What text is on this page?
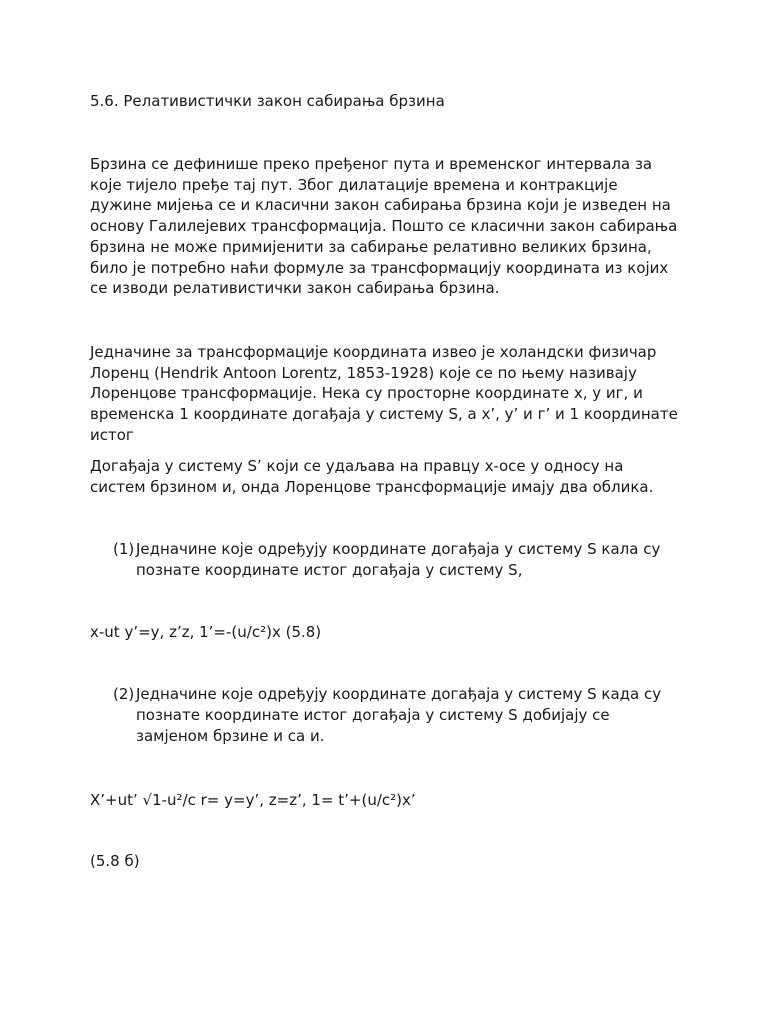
5.6. Релативистички закон сабирања брзина

Брзина се дефинише преко пређеног пута и временског интервала за које тијело пређе тај пут. Због дилатације времена и контракције дужине мијења се и класични закон сабирања брзина који је изведен на основу Галилејевих трансформација. Пошто се класични закон сабирања брзина не може примијенити за сабирање релативно великих брзина, било је потребно наћи формуле за трансформацију координата из којих се изводи релативистички закон сабирања брзина.

Једначине за трансформације координата извео је холандски физичар Лоренц (Hendrik Antoon Lorentz, 1853-1928) које се по њему називају Лоренцове трансформације. Нека су просторне координате х, у иг, и временска 1 координате догађаја у систему S, а х’, у’ и г’ и 1 координате истог

Догађаја у систему S’ који се удаљава на правцу х-осе у односу на систем брзином и, онда Лоренцове трансформације имају два облика.

(1) Једначине које одређују координате догађаја у систему S кала су
познате координате истог догађаја у систему S,

х-ut у’=у, z’z, 1’=-(u/c²)x (5.8)

(2) Једначине које одређују координате догађаја у систему S када су
познате координате истог догађаја у систему S добијају се
замјеном брзине и са и.

X’+ut’ √1-u²/c r= y=y’, z=z’, 1= t’+(u/c²)x’

(5.8 б)
